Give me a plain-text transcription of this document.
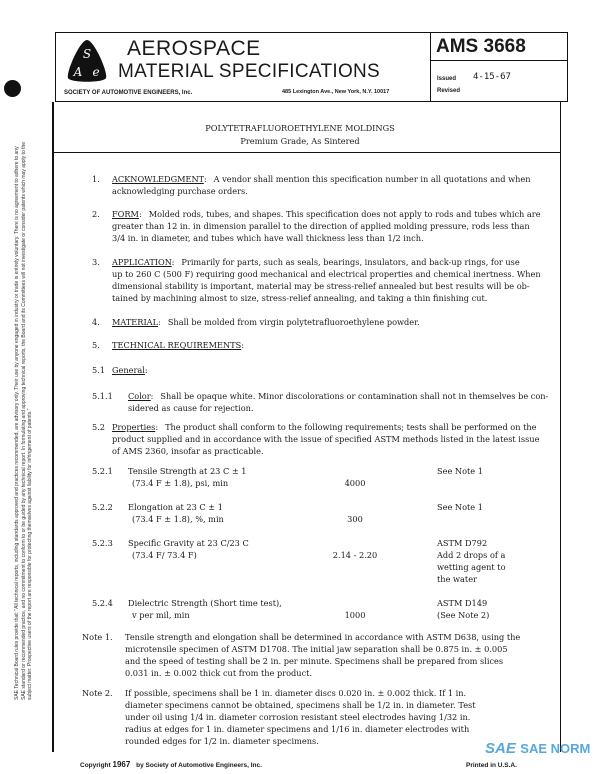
S
A e
AEROSPACE
MATERIAL SPECIFICATIONS
SOCIETY OF AUTOMOTIVE ENGINEERS, Inc.	485 Lexington Ave., New York, N.Y. 10017
AMS 3668
Issued 4-15-67
Revised
SAE Technical Board rules provide that: "All technical reports, including standards approved and practices recommended, are advisory only. Their use by anyone engaged in industry or trade is entirely voluntary. There is no agreement to adhere to any SAE standard or recommended practice, and no commitment to conform to or be guided by any technical report. In formulating and approving technical reports, the Board and its Committees will not investigate or consider patents which may apply to the subject matter. Prospective users of the report are responsible for protecting themselves against liability for infringement of patents."
POLYTETRAFLUOROETHYLENE MOLDINGS
Premium Grade, As Sintered
1. ACKNOWLEDGMENT: A vendor shall mention this specification number in all quotations and when
acknowledging purchase orders.
2. FORM: Molded rods, tubes, and shapes. This specification does not apply to rods and tubes which are
greater than 12 in. in dimension parallel to the direction of applied molding pressure, rods less than
3/4 in. in diameter, and tubes which have wall thickness less than 1/2 inch.
3. APPLICATION: Primarily for parts, such as seals, bearings, insulators, and back-up rings, for use
up to 260 C (500 F) requiring good mechanical and electrical properties and chemical inertness. When
dimensional stability is important, material may be stress-relief annealed but best results will be ob-
tained by machining almost to size, stress-relief annealing, and taking a thin finishing cut.
4. MATERIAL: Shall be molded from virgin polytetrafluoroethylene powder.
5. TECHNICAL REQUIREMENTS:
5.1 General:
5.1.1 Color: Shall be opaque white. Minor discolorations or contamination shall not in themselves be con-
sidered as cause for rejection.
5.2 Properties: The product shall conform to the following requirements; tests shall be performed on the
product supplied and in accordance with the issue of specified ASTM methods listed in the latest issue
of AMS 2360, insofar as practicable.
5.2.1 Tensile Strength at 23 C ± 1
(73.4 F ± 1.8), psi, min	4000
See Note 1
5.2.2 Elongation at 23 C ± 1
(73.4 F ± 1.8), %, min	300
See Note 1
5.2.3 Specific Gravity at 23 C/23 C
(73.4 F/ 73.4 F)	2.14 - 2.20
ASTM D792
Add 2 drops of a
wetting agent to
the water
5.2.4 Dielectric Strength (Short time test),
v per mil, min	1000
ASTM D149
(See Note 2)
Note 1. Tensile strength and elongation shall be determined in accordance with ASTM D638, using the
microtensile specimen of ASTM D1708. The initial jaw separation shall be 0.875 in. ± 0.005
and the speed of testing shall be 2 in. per minute. Specimens shall be prepared from slices
0.031 in. ± 0.002 thick cut from the product.
Note 2. If possible, specimens shall be 1 in. diameter discs 0.020 in. ± 0.002 thick. If 1 in.
diameter specimens cannot be obtained, specimens shall be 1/2 in. in diameter. Test
under oil using 1/4 in. diameter corrosion resistant steel electrodes having 1/32 in.
radius at edges for 1 in. diameter specimens and 1/16 in. diameter electrodes with
rounded edges for 1/2 in. diameter specimens.
Copyright 1967 by Society of Automotive Engineers, Inc.	Printed in U.S.A.
SAE SAE NORM
